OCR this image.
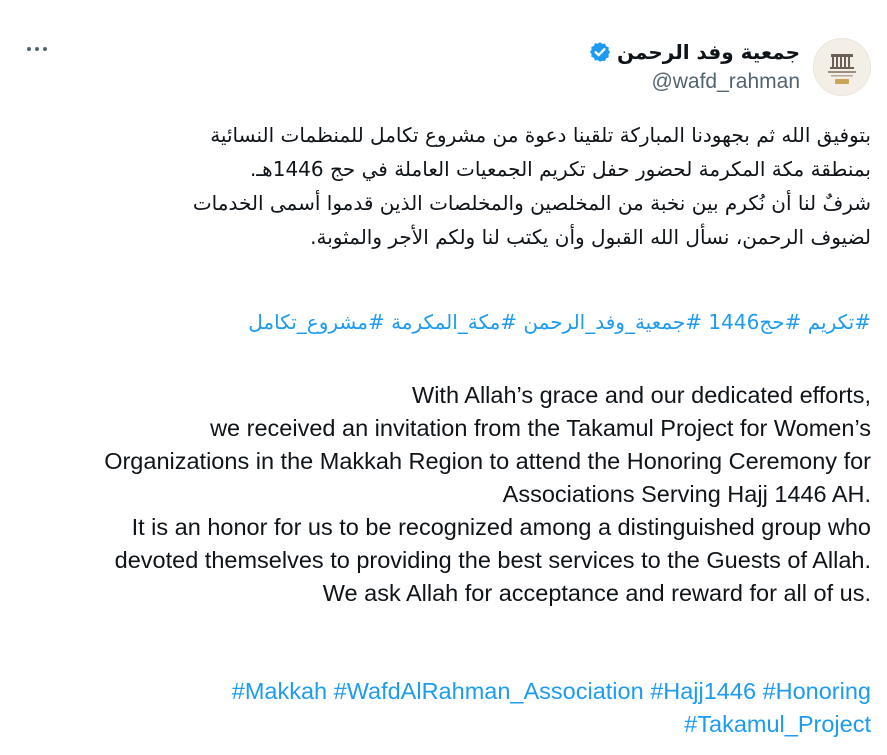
جمعية وفد الرحمن
@wafd_rahman
بتوفيق الله ثم بجهودنا المباركة تلقينا دعوة من مشروع تكامل للمنظمات النسائية
بمنطقة مكة المكرمة لحضور حفل تكريم الجمعيات العاملة في حج 1446هـ.
شرفٌ لنا أن نُكرم بين نخبة من المخلصين والمخلصات الذين قدموا أسمى الخدمات
لضيوف الرحمن، نسأل الله القبول وأن يكتب لنا ولكم الأجر والمثوبة.
#تكريم #حج1446 #جمعية_وفد_الرحمن #مكة_المكرمة #مشروع_تكامل
With Allah’s grace and our dedicated efforts,
we received an invitation from the Takamul Project for Women’s
Organizations in the Makkah Region to attend the Honoring Ceremony for
Associations Serving Hajj 1446 AH.
It is an honor for us to be recognized among a distinguished group who
devoted themselves to providing the best services to the Guests of Allah.
We ask Allah for acceptance and reward for all of us.
#Makkah #WafdAlRahman_Association #Hajj1446 #Honoring
#Takamul_Project
